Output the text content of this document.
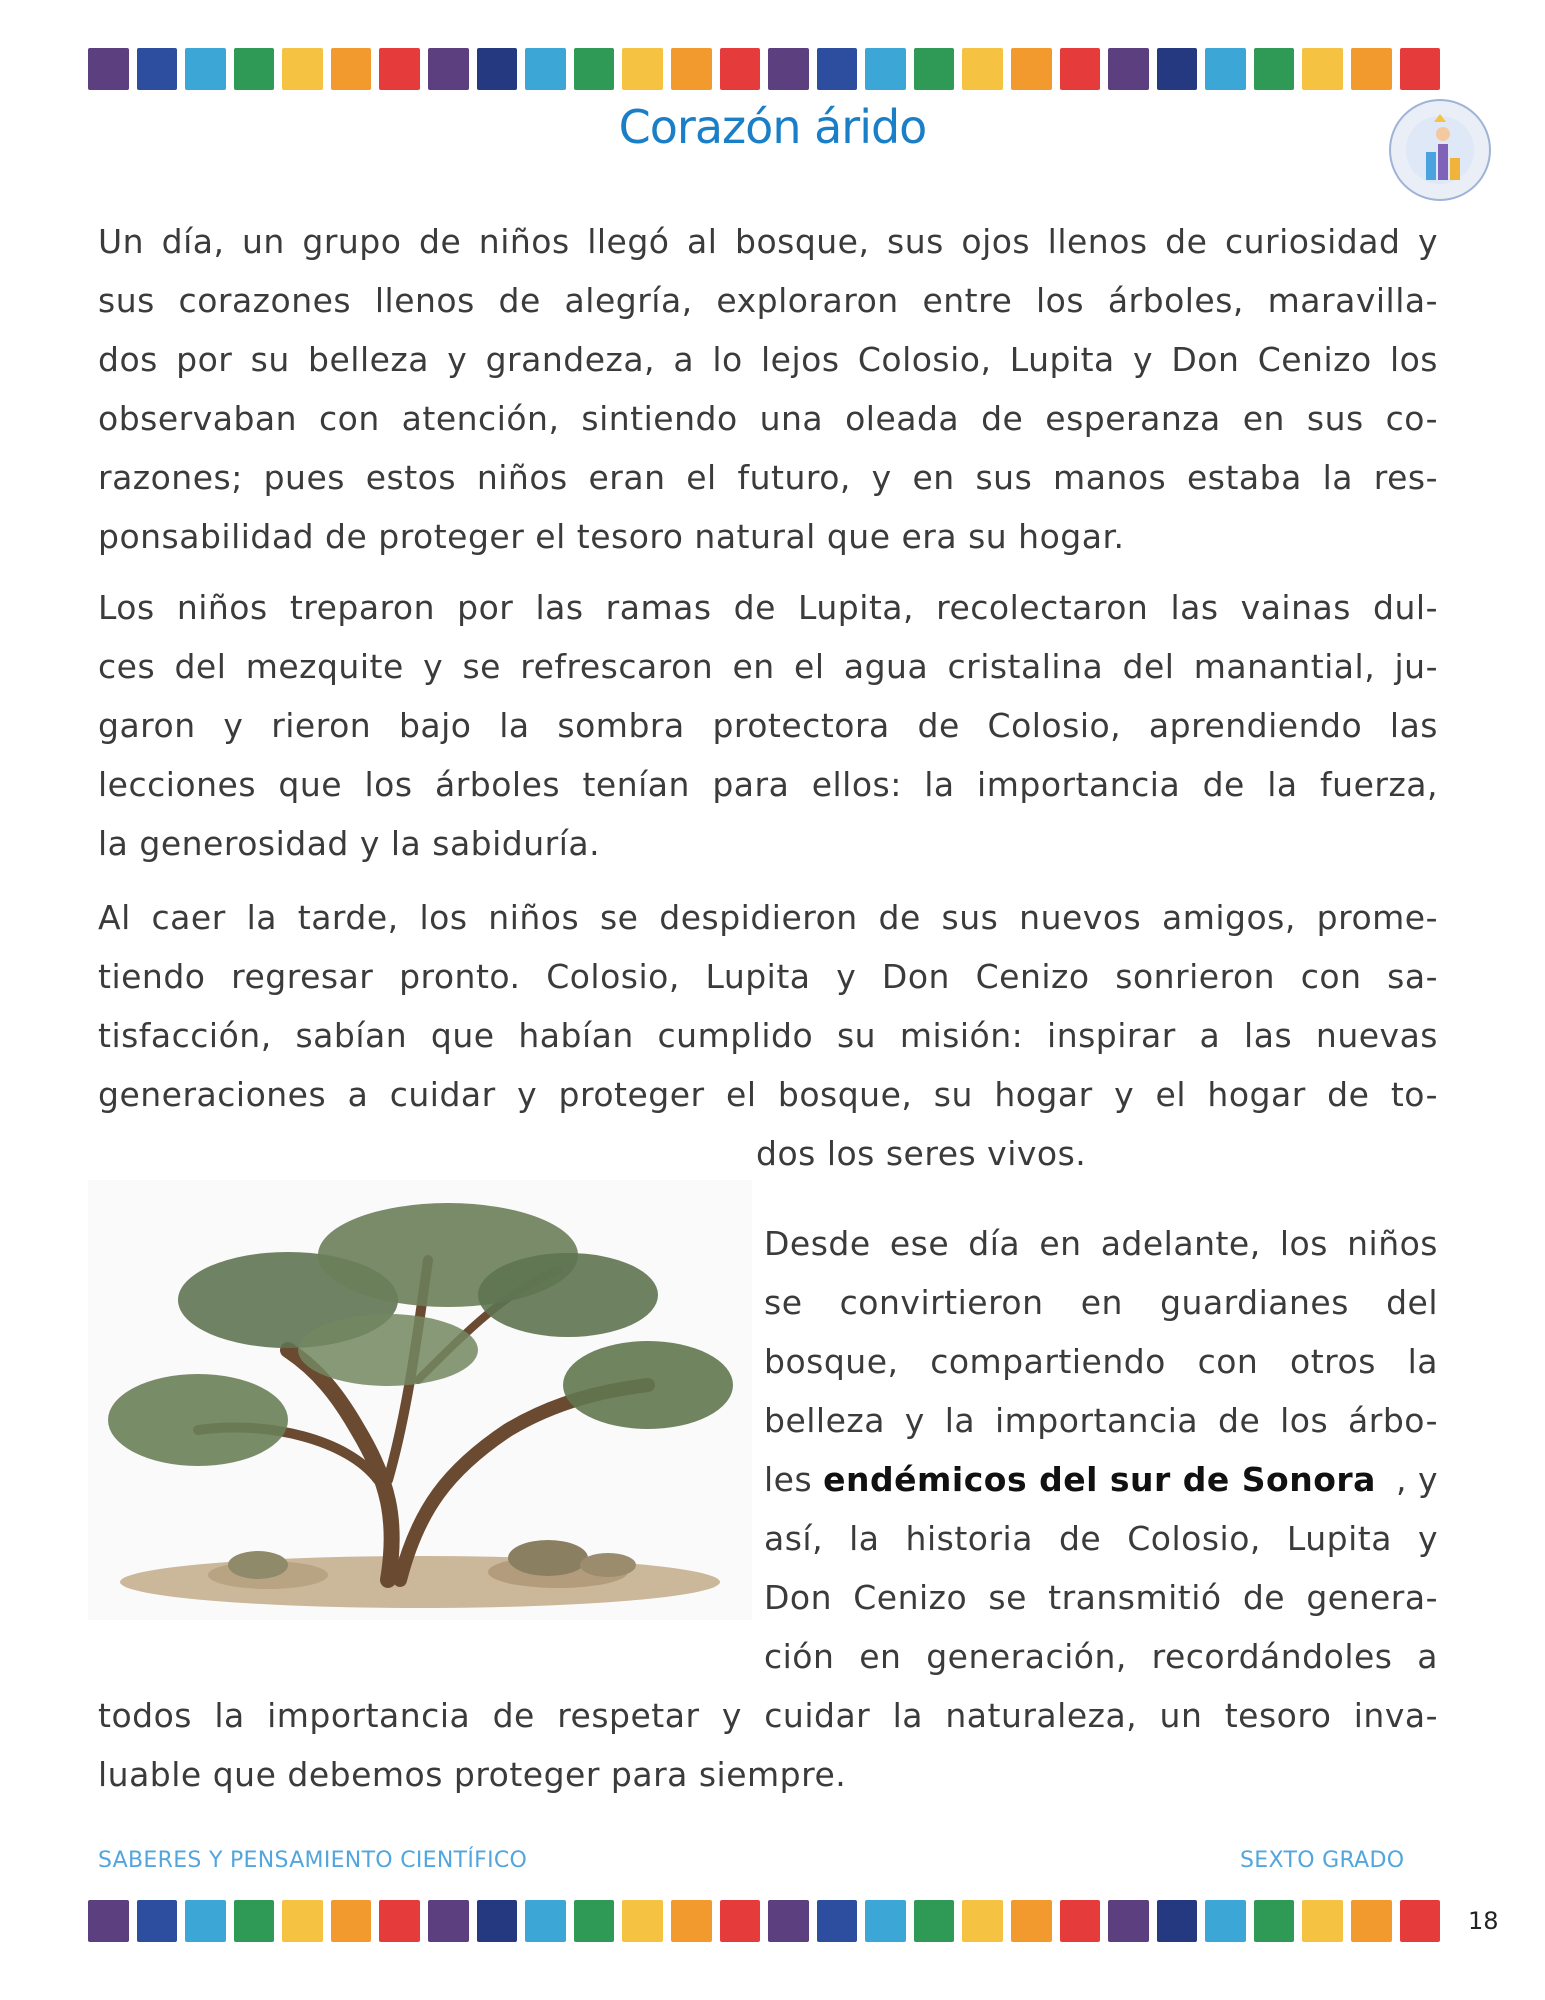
Corazón árido
Un día, un grupo de niños llegó al bosque, sus ojos llenos de curiosidad y
sus corazones llenos de alegría, exploraron entre los árboles, maravilla-
dos por su belleza y grandeza, a lo lejos Colosio, Lupita y Don Cenizo los
observaban con atención, sintiendo una oleada de esperanza en sus co-
razones; pues estos niños eran el futuro, y en sus manos estaba la res-
ponsabilidad de proteger el tesoro natural que era su hogar.
Los niños treparon por las ramas de Lupita, recolectaron las vainas dul-
ces del mezquite y se refrescaron en el agua cristalina del manantial, ju-
garon y rieron bajo la sombra protectora de Colosio, aprendiendo las
lecciones que los árboles tenían para ellos: la importancia de la fuerza,
la generosidad y la sabiduría.
Al caer la tarde, los niños se despidieron de sus nuevos amigos, prome-
tiendo regresar pronto. Colosio, Lupita y Don Cenizo sonrieron con sa-
tisfacción, sabían que habían cumplido su misión: inspirar a las nuevas
generaciones a cuidar y proteger el bosque, su hogar y el hogar de to-
dos los seres vivos.
Desde ese día en adelante, los niños
se convirtieron en guardianes del
bosque, compartiendo con otros la
belleza y la importancia de los árbo-
les endémicos del sur de Sonora , y
así, la historia de Colosio, Lupita y
Don Cenizo se transmitió de genera-
ción en generación, recordándoles a
todos la importancia de respetar y cuidar la naturaleza, un tesoro inva-
luable que debemos proteger para siempre.
SABERES Y PENSAMIENTO CIENTÍFICO	SEXTO GRADO
18
